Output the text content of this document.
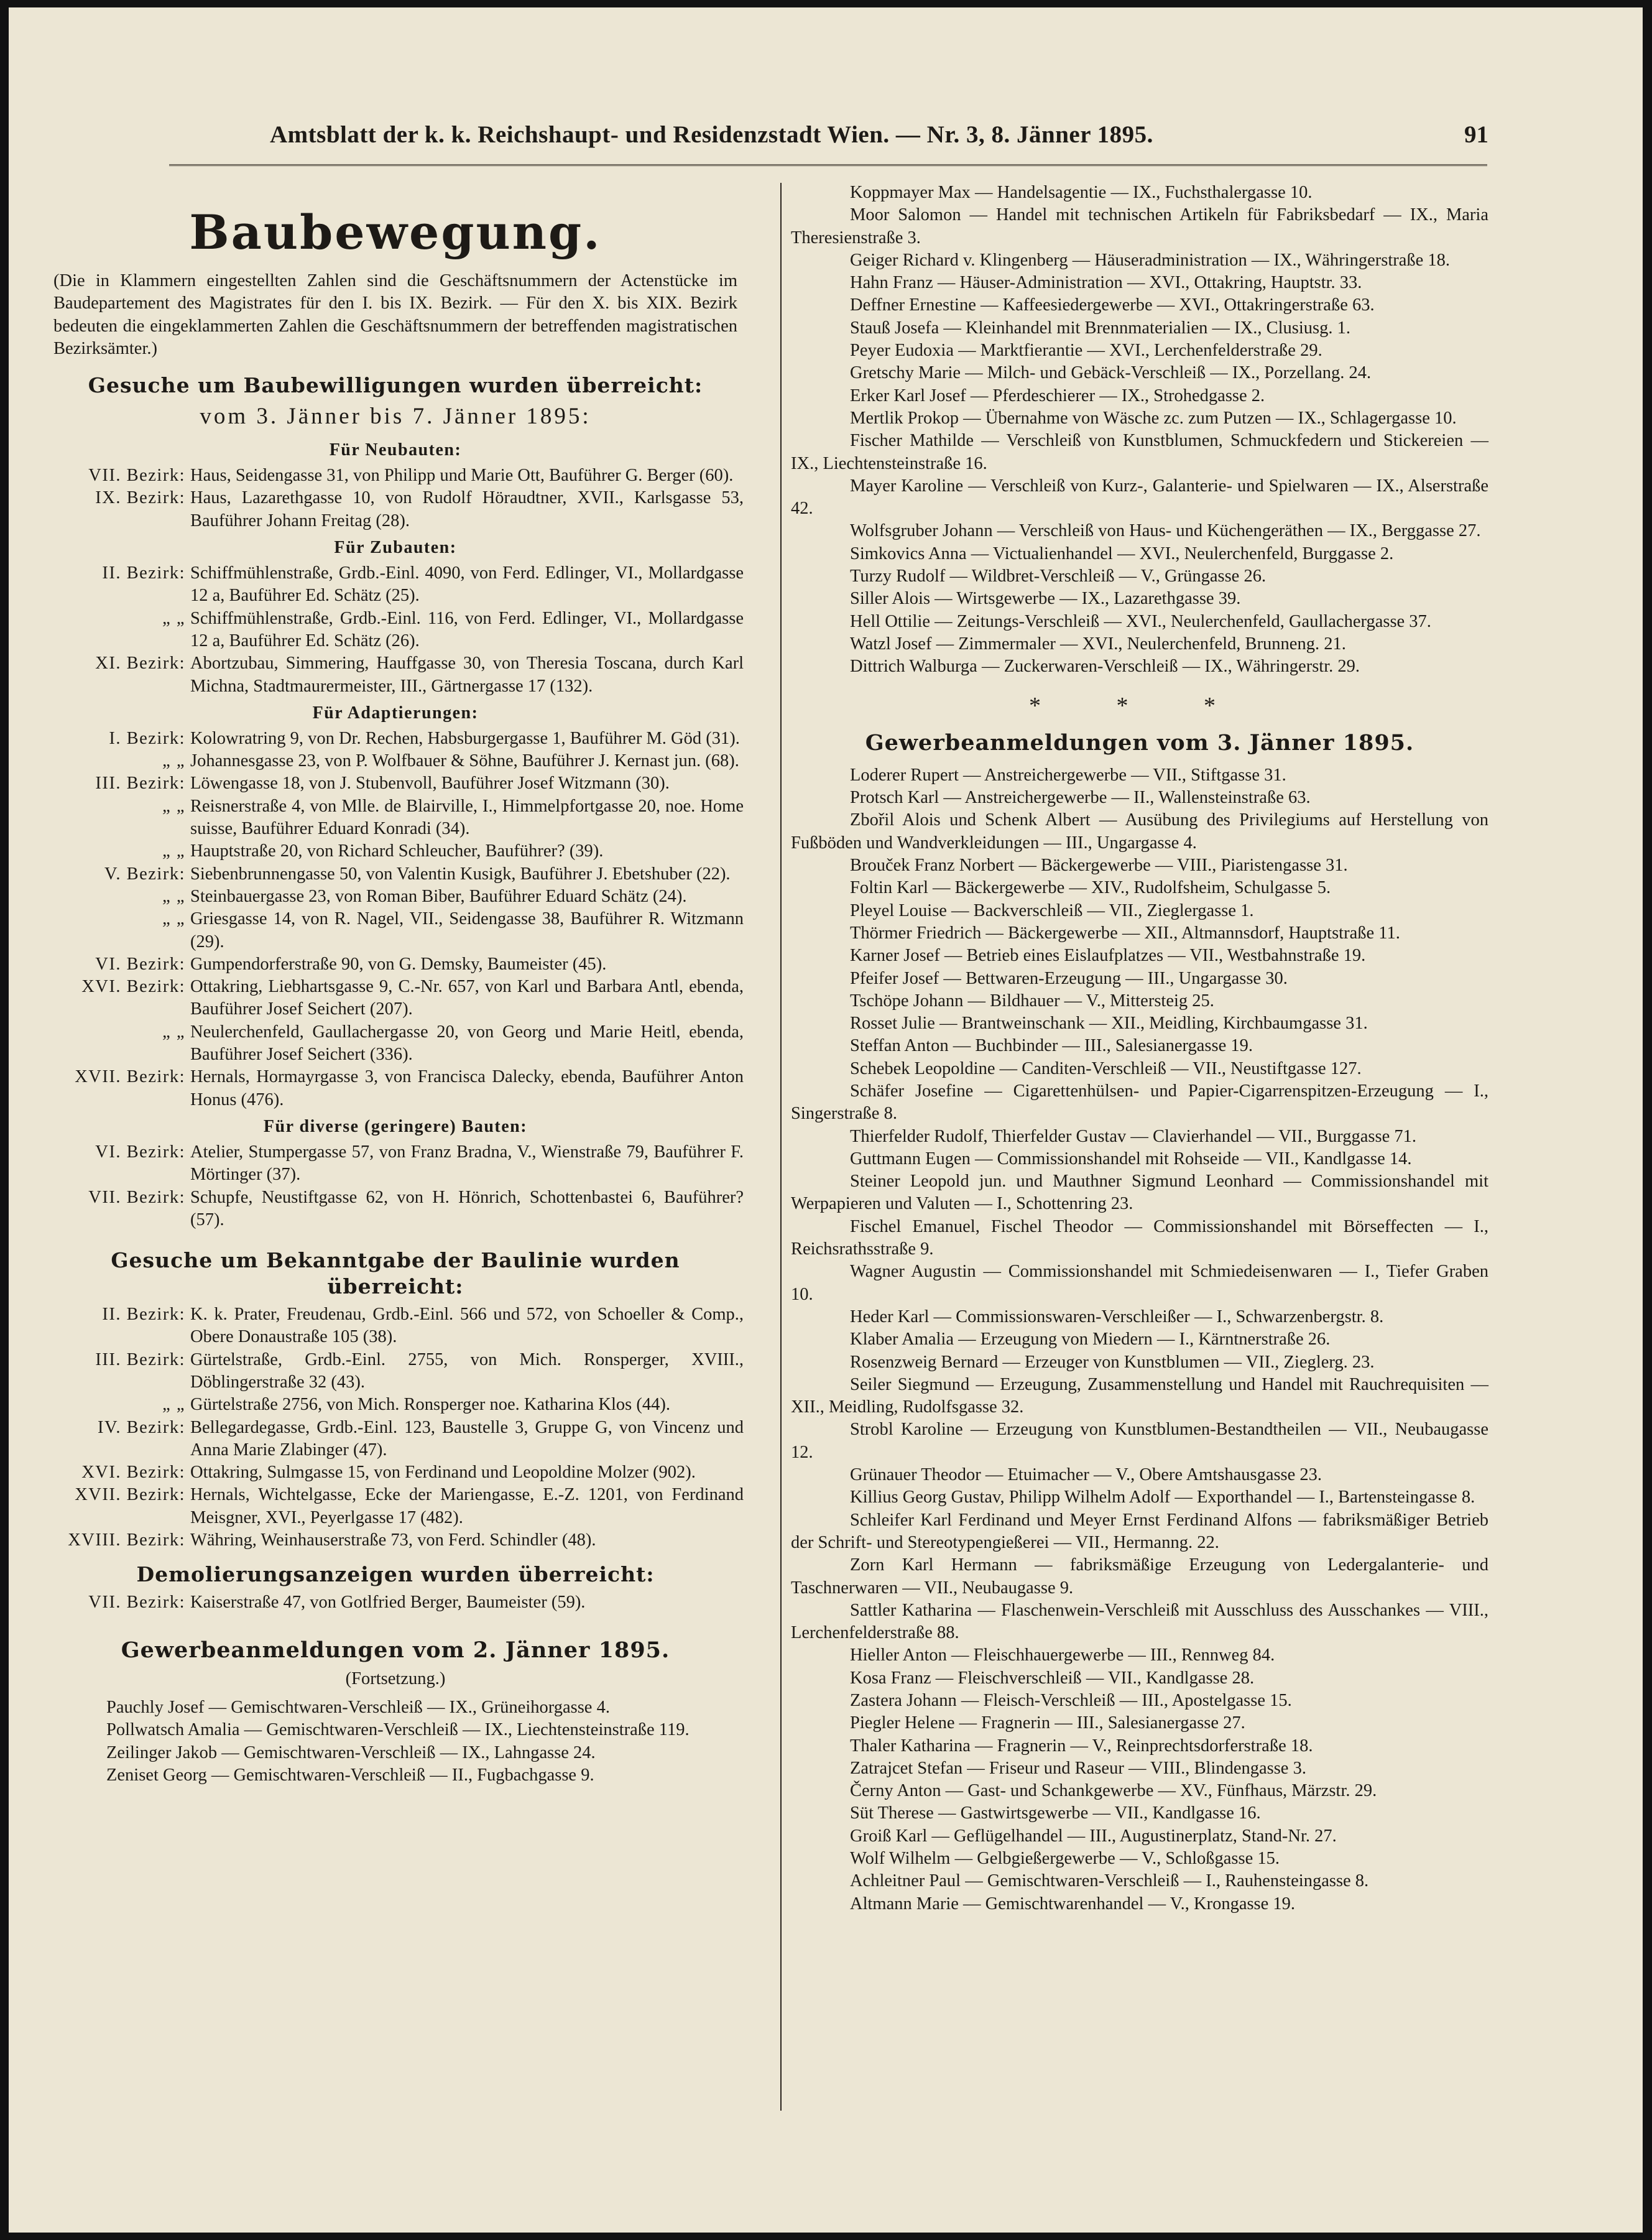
Amtsblatt der k. k. Reichshaupt- und Residenzstadt Wien. — Nr. 3, 8. Jänner 1895.	91
Baubewegung.
(Die in Klammern eingestellten Zahlen sind die Geschäftsnummern der Actenstücke im Baudepartement des Magistrates für den I. bis IX. Bezirk. — Für den X. bis XIX. Bezirk bedeuten die eingeklammerten Zahlen die Geschäftsnummern der betreffenden magistratischen Bezirksämter.)
Gesuche um Baubewilligungen wurden überreicht:
vom 3. Jänner bis 7. Jänner 1895:
Für Neubauten:
VII. Bezirk: Haus, Seidengasse 31, von Philipp und Marie Ott, Bauführer G. Berger (60).
IX. Bezirk: Haus, Lazarethgasse 10, von Rudolf Höraudtner, XVII., Karlsgasse 53, Bauführer Johann Freitag (28).
Für Zubauten:
II. Bezirk: Schiffmühlenstraße, Grdb.-Einl. 4090, von Ferd. Edlinger, VI., Mollardgasse 12 a, Bauführer Ed. Schätz (25).
„ „ Schiffmühlenstraße, Grdb.-Einl. 116, von Ferd. Edlinger, VI., Mollardgasse 12 a, Bauführer Ed. Schätz (26).
XI. Bezirk: Abortzubau, Simmering, Hauffgasse 30, von Theresia Toscana, durch Karl Michna, Stadtmaurermeister, III., Gärtnergasse 17 (132).
Für Adaptierungen:
I. Bezirk: Kolowratring 9, von Dr. Rechen, Habsburgergasse 1, Bauführer M. Göd (31).
„ „ Johannesgasse 23, von P. Wolfbauer & Söhne, Bauführer J. Kernast jun. (68).
III. Bezirk: Löwengasse 18, von J. Stubenvoll, Bauführer Josef Witzmann (30).
„ „ Reisnerstraße 4, von Mlle. de Blairville, I., Himmelpfortgasse 20, noe. Home suisse, Bauführer Eduard Konradi (34).
„ „ Hauptstraße 20, von Richard Schleucher, Bauführer? (39).
V. Bezirk: Siebenbrunnengasse 50, von Valentin Kusigk, Bauführer J. Ebetshuber (22).
„ „ Steinbauergasse 23, von Roman Biber, Bauführer Eduard Schätz (24).
„ „ Griesgasse 14, von R. Nagel, VII., Seidengasse 38, Bauführer R. Witzmann (29).
VI. Bezirk: Gumpendorferstraße 90, von G. Demsky, Baumeister (45).
XVI. Bezirk: Ottakring, Liebhartsgasse 9, C.-Nr. 657, von Karl und Barbara Antl, ebenda, Bauführer Josef Seichert (207).
„ „ Neulerchenfeld, Gaullachergasse 20, von Georg und Marie Heitl, ebenda, Bauführer Josef Seichert (336).
XVII. Bezirk: Hernals, Hormayrgasse 3, von Francisca Dalecky, ebenda, Bauführer Anton Honus (476).
Für diverse (geringere) Bauten:
VI. Bezirk: Atelier, Stumpergasse 57, von Franz Bradna, V., Wienstraße 79, Bauführer F. Mörtinger (37).
VII. Bezirk: Schupfe, Neustiftgasse 62, von H. Hönrich, Schottenbastei 6, Bauführer? (57).
Gesuche um Bekanntgabe der Baulinie wurden überreicht:
II. Bezirk: K. k. Prater, Freudenau, Grdb.-Einl. 566 und 572, von Schoeller & Comp., Obere Donaustraße 105 (38).
III. Bezirk: Gürtelstraße, Grdb.-Einl. 2755, von Mich. Ronsperger, XVIII., Döblingerstraße 32 (43).
„ „ Gürtelstraße 2756, von Mich. Ronsperger noe. Katharina Klos (44).
IV. Bezirk: Bellegardegasse, Grdb.-Einl. 123, Baustelle 3, Gruppe G, von Vincenz und Anna Marie Zlabinger (47).
XVI. Bezirk: Ottakring, Sulmgasse 15, von Ferdinand und Leopoldine Molzer (902).
XVII. Bezirk: Hernals, Wichtelgasse, Ecke der Mariengasse, E.-Z. 1201, von Ferdinand Meisgner, XVI., Peyerlgasse 17 (482).
XVIII. Bezirk: Währing, Weinhauserstraße 73, von Ferd. Schindler (48).
Demolierungsanzeigen wurden überreicht:
VII. Bezirk: Kaiserstraße 47, von Gotlfried Berger, Baumeister (59).
Gewerbeanmeldungen vom 2. Jänner 1895.
(Fortsetzung.)
Pauchly Josef — Gemischtwaren-Verschleiß — IX., Grüneihorgasse 4.
Pollwatsch Amalia — Gemischtwaren-Verschleiß — IX., Liechtensteinstraße 119.
Zeilinger Jakob — Gemischtwaren-Verschleiß — IX., Lahngasse 24.
Zeniset Georg — Gemischtwaren-Verschleiß — II., Fugbachgasse 9.
Koppmayer Max — Handelsagentie — IX., Fuchsthalergasse 10.
Moor Salomon — Handel mit technischen Artikeln für Fabriksbedarf — IX., Maria Theresienstraße 3.
Geiger Richard v. Klingenberg — Häuseradministration — IX., Währingerstraße 18.
Hahn Franz — Häuser-Administration — XVI., Ottakring, Hauptstr. 33.
Deffner Ernestine — Kaffeesiedergewerbe — XVI., Ottakringerstraße 63.
Stauß Josefa — Kleinhandel mit Brennmaterialien — IX., Clusiusg. 1.
Peyer Eudoxia — Marktfierantie — XVI., Lerchenfelderstraße 29.
Gretschy Marie — Milch- und Gebäck-Verschleiß — IX., Porzellang. 24.
Erker Karl Josef — Pferdeschierer — IX., Strohedgasse 2.
Mertlik Prokop — Übernahme von Wäsche zc. zum Putzen — IX., Schlagergasse 10.
Fischer Mathilde — Verschleiß von Kunstblumen, Schmuckfedern und Stickereien — IX., Liechtensteinstraße 16.
Mayer Karoline — Verschleiß von Kurz-, Galanterie- und Spielwaren — IX., Alserstraße 42.
Wolfsgruber Johann — Verschleiß von Haus- und Küchengeräthen — IX., Berggasse 27.
Simkovics Anna — Victualienhandel — XVI., Neulerchenfeld, Burggasse 2.
Turzy Rudolf — Wildbret-Verschleiß — V., Grüngasse 26.
Siller Alois — Wirtsgewerbe — IX., Lazarethgasse 39.
Hell Ottilie — Zeitungs-Verschleiß — XVI., Neulerchenfeld, Gaullachergasse 37.
Watzl Josef — Zimmermaler — XVI., Neulerchenfeld, Brunneng. 21.
Dittrich Walburga — Zuckerwaren-Verschleiß — IX., Währingerstr. 29.
* * *
Gewerbeanmeldungen vom 3. Jänner 1895.
Loderer Rupert — Anstreichergewerbe — VII., Stiftgasse 31.
Protsch Karl — Anstreichergewerbe — II., Wallensteinstraße 63.
Zbořil Alois und Schenk Albert — Ausübung des Privilegiums auf Herstellung von Fußböden und Wandverkleidungen — III., Ungargasse 4.
Brouček Franz Norbert — Bäckergewerbe — VIII., Piaristengasse 31.
Foltin Karl — Bäckergewerbe — XIV., Rudolfsheim, Schulgasse 5.
Pleyel Louise — Backverschleiß — VII., Zieglergasse 1.
Thörmer Friedrich — Bäckergewerbe — XII., Altmannsdorf, Hauptstraße 11.
Karner Josef — Betrieb eines Eislaufplatzes — VII., Westbahnstraße 19.
Pfeifer Josef — Bettwaren-Erzeugung — III., Ungargasse 30.
Tschöpe Johann — Bildhauer — V., Mittersteig 25.
Rosset Julie — Brantweinschank — XII., Meidling, Kirchbaumgasse 31.
Steffan Anton — Buchbinder — III., Salesianergasse 19.
Schebek Leopoldine — Canditen-Verschleiß — VII., Neustiftgasse 127.
Schäfer Josefine — Cigarettenhülsen- und Papier-Cigarrenspitzen-Erzeugung — I., Singerstraße 8.
Thierfelder Rudolf, Thierfelder Gustav — Clavierhandel — VII., Burggasse 71.
Guttmann Eugen — Commissionshandel mit Rohseide — VII., Kandlgasse 14.
Steiner Leopold jun. und Mauthner Sigmund Leonhard — Commissionshandel mit Werpapieren und Valuten — I., Schottenring 23.
Fischel Emanuel, Fischel Theodor — Commissionshandel mit Börseffecten — I., Reichsrathsstraße 9.
Wagner Augustin — Commissionshandel mit Schmiedeisenwaren — I., Tiefer Graben 10.
Heder Karl — Commissionswaren-Verschleißer — I., Schwarzenbergstr. 8.
Klaber Amalia — Erzeugung von Miedern — I., Kärntnerstraße 26.
Rosenzweig Bernard — Erzeuger von Kunstblumen — VII., Zieglerg. 23.
Seiler Siegmund — Erzeugung, Zusammenstellung und Handel mit Rauchrequisiten — XII., Meidling, Rudolfsgasse 32.
Strobl Karoline — Erzeugung von Kunstblumen-Bestandtheilen — VII., Neubaugasse 12.
Grünauer Theodor — Etuimacher — V., Obere Amtshausgasse 23.
Killius Georg Gustav, Philipp Wilhelm Adolf — Exporthandel — I., Bartensteingasse 8.
Schleifer Karl Ferdinand und Meyer Ernst Ferdinand Alfons — fabriksmäßiger Betrieb der Schrift- und Stereotypengießerei — VII., Hermanng. 22.
Zorn Karl Hermann — fabriksmäßige Erzeugung von Ledergalanterie- und Taschnerwaren — VII., Neubaugasse 9.
Sattler Katharina — Flaschenwein-Verschleiß mit Ausschluss des Ausschankes — VIII., Lerchenfelderstraße 88.
Hieller Anton — Fleischhauergewerbe — III., Rennweg 84.
Kosa Franz — Fleischverschleiß — VII., Kandlgasse 28.
Zastera Johann — Fleisch-Verschleiß — III., Apostelgasse 15.
Piegler Helene — Fragnerin — III., Salesianergasse 27.
Thaler Katharina — Fragnerin — V., Reinprechtsdorferstraße 18.
Zatrajcet Stefan — Friseur und Raseur — VIII., Blindengasse 3.
Černy Anton — Gast- und Schankgewerbe — XV., Fünfhaus, Märzstr. 29.
Süt Therese — Gastwirtsgewerbe — VII., Kandlgasse 16.
Groiß Karl — Geflügelhandel — III., Augustinerplatz, Stand-Nr. 27.
Wolf Wilhelm — Gelbgießergewerbe — V., Schloßgasse 15.
Achleitner Paul — Gemischtwaren-Verschleiß — I., Rauhensteingasse 8.
Altmann Marie — Gemischtwarenhandel — V., Krongasse 19.
